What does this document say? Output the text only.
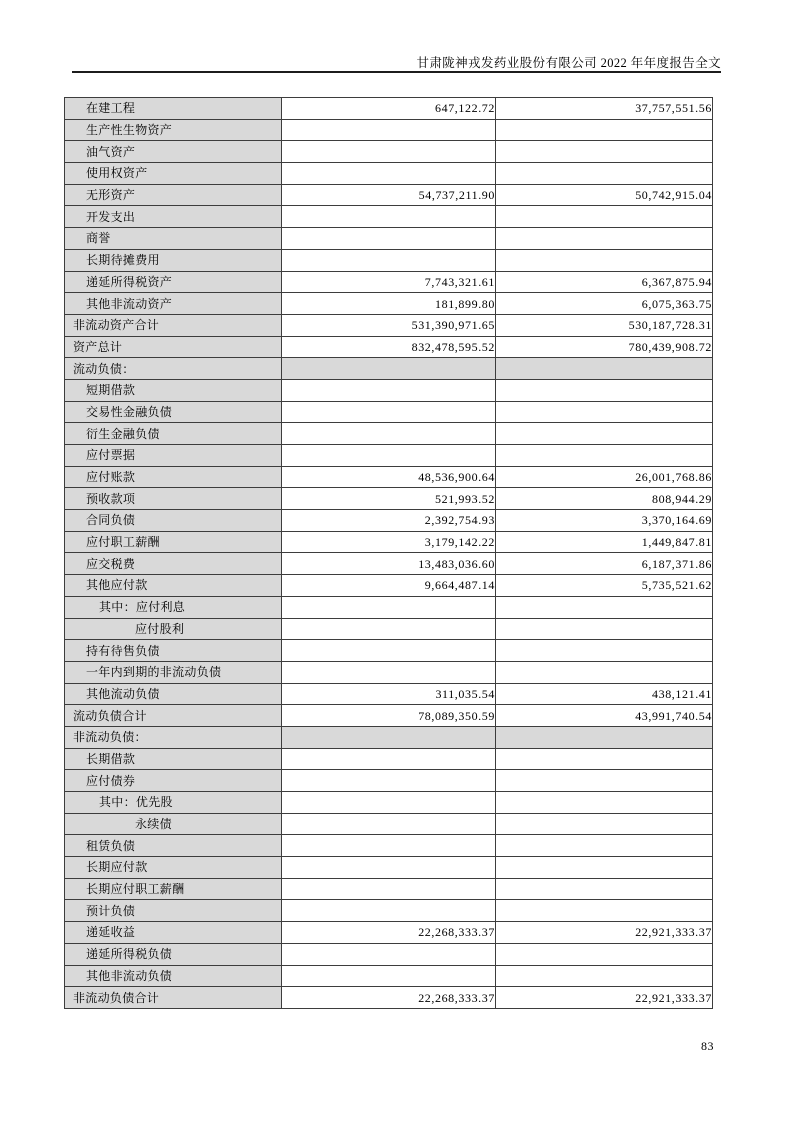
甘肃陇神戎发药业股份有限公司 2022 年年度报告全文
在建工程	647,122.72	37,757,551.56
生产性生物资产		
油气资产		
使用权资产		
无形资产	54,737,211.90	50,742,915.04
开发支出		
商誉		
长期待摊费用		
递延所得税资产	7,743,321.61	6,367,875.94
其他非流动资产	181,899.80	6,075,363.75
非流动资产合计	531,390,971.65	530,187,728.31
资产总计	832,478,595.52	780,439,908.72
流动负债：		
短期借款		
交易性金融负债		
衍生金融负债		
应付票据		
应付账款	48,536,900.64	26,001,768.86
预收款项	521,993.52	808,944.29
合同负债	2,392,754.93	3,370,164.69
应付职工薪酬	3,179,142.22	1,449,847.81
应交税费	13,483,036.60	6,187,371.86
其他应付款	9,664,487.14	5,735,521.62
其中：应付利息		
应付股利		
持有待售负债		
一年内到期的非流动负债		
其他流动负债	311,035.54	438,121.41
流动负债合计	78,089,350.59	43,991,740.54
非流动负债：		
长期借款		
应付债券		
其中：优先股		
永续债		
租赁负债		
长期应付款		
长期应付职工薪酬		
预计负债		
递延收益	22,268,333.37	22,921,333.37
递延所得税负债		
其他非流动负债		
非流动负债合计	22,268,333.37	22,921,333.37
83
